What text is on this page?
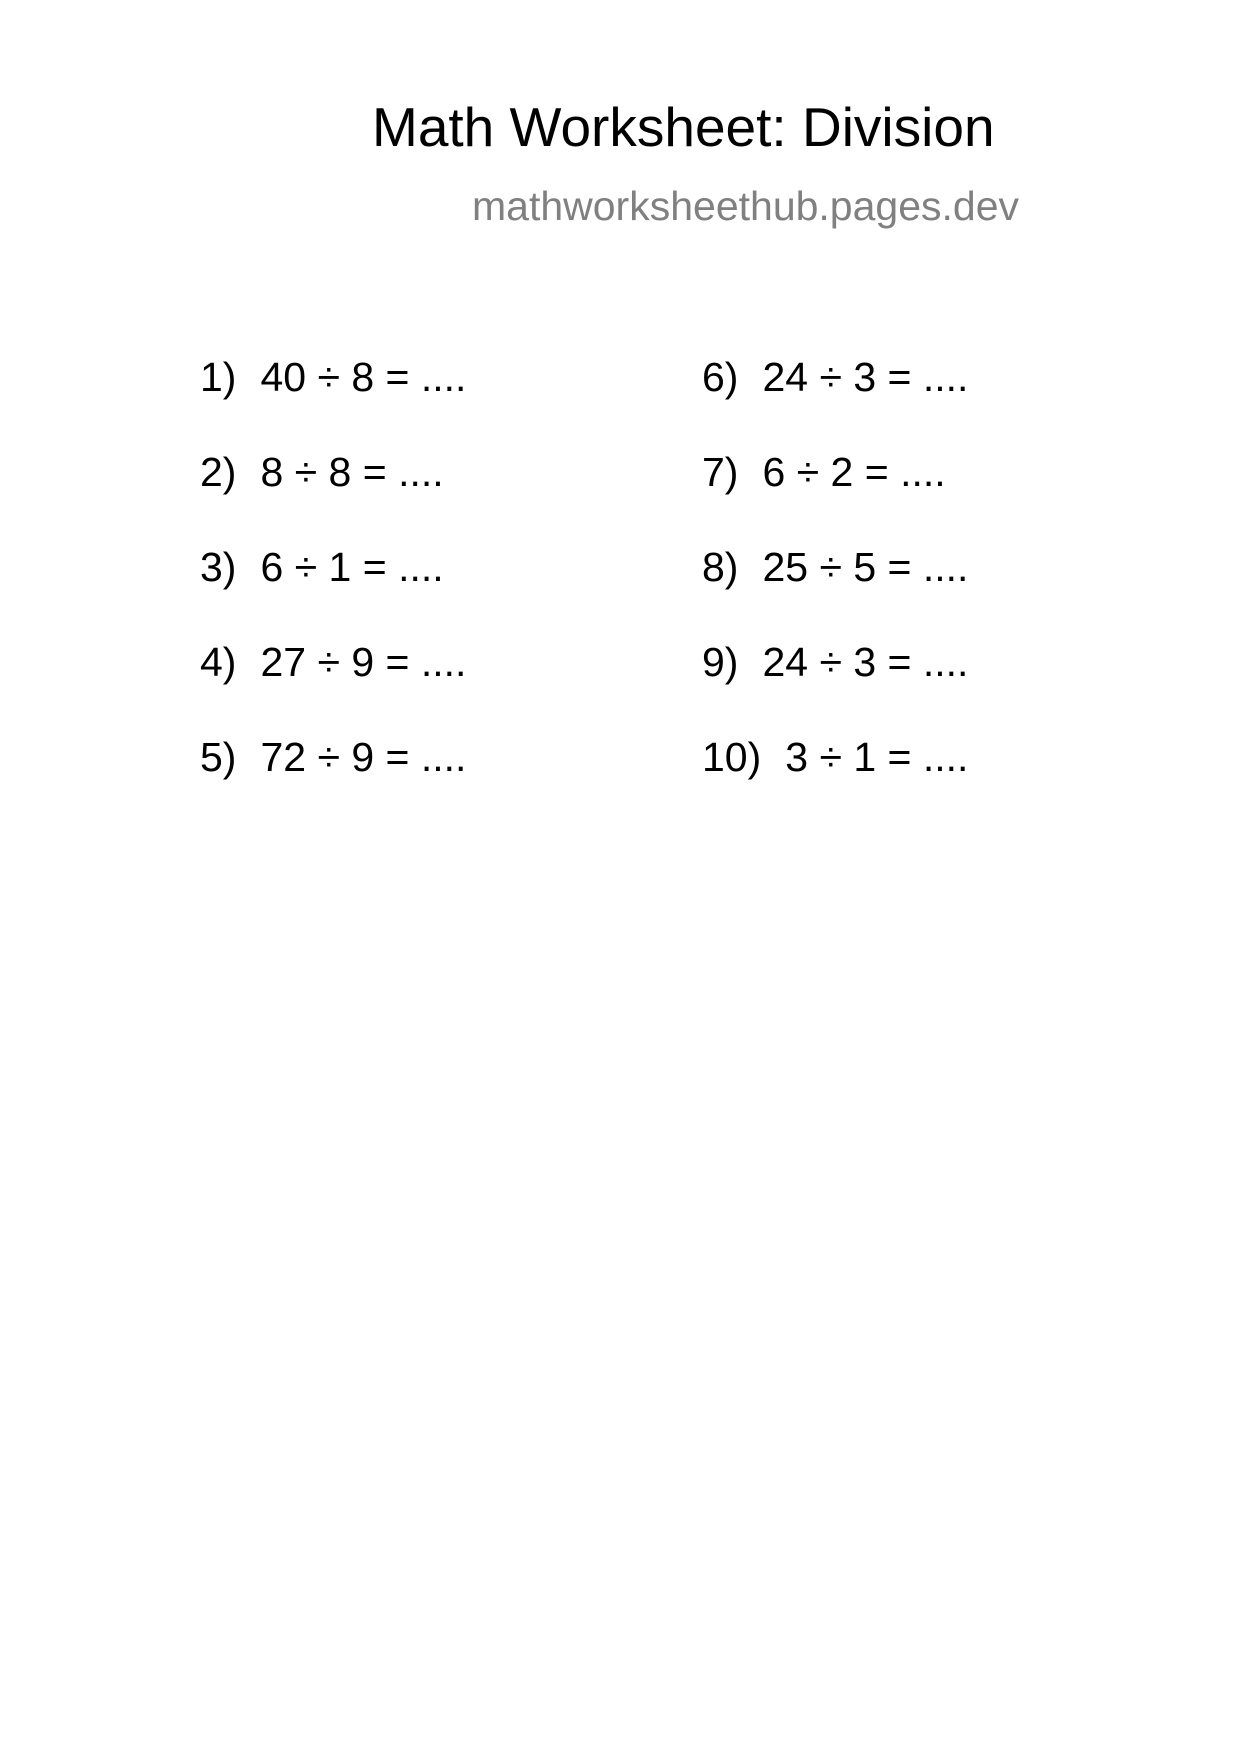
Math Worksheet: Division
mathworksheethub.pages.dev
1) 40 ÷ 8 = ....
2) 8 ÷ 8 = ....
3) 6 ÷ 1 = ....
4) 27 ÷ 9 = ....
5) 72 ÷ 9 = ....
6) 24 ÷ 3 = ....
7) 6 ÷ 2 = ....
8) 25 ÷ 5 = ....
9) 24 ÷ 3 = ....
10) 3 ÷ 1 = ....
